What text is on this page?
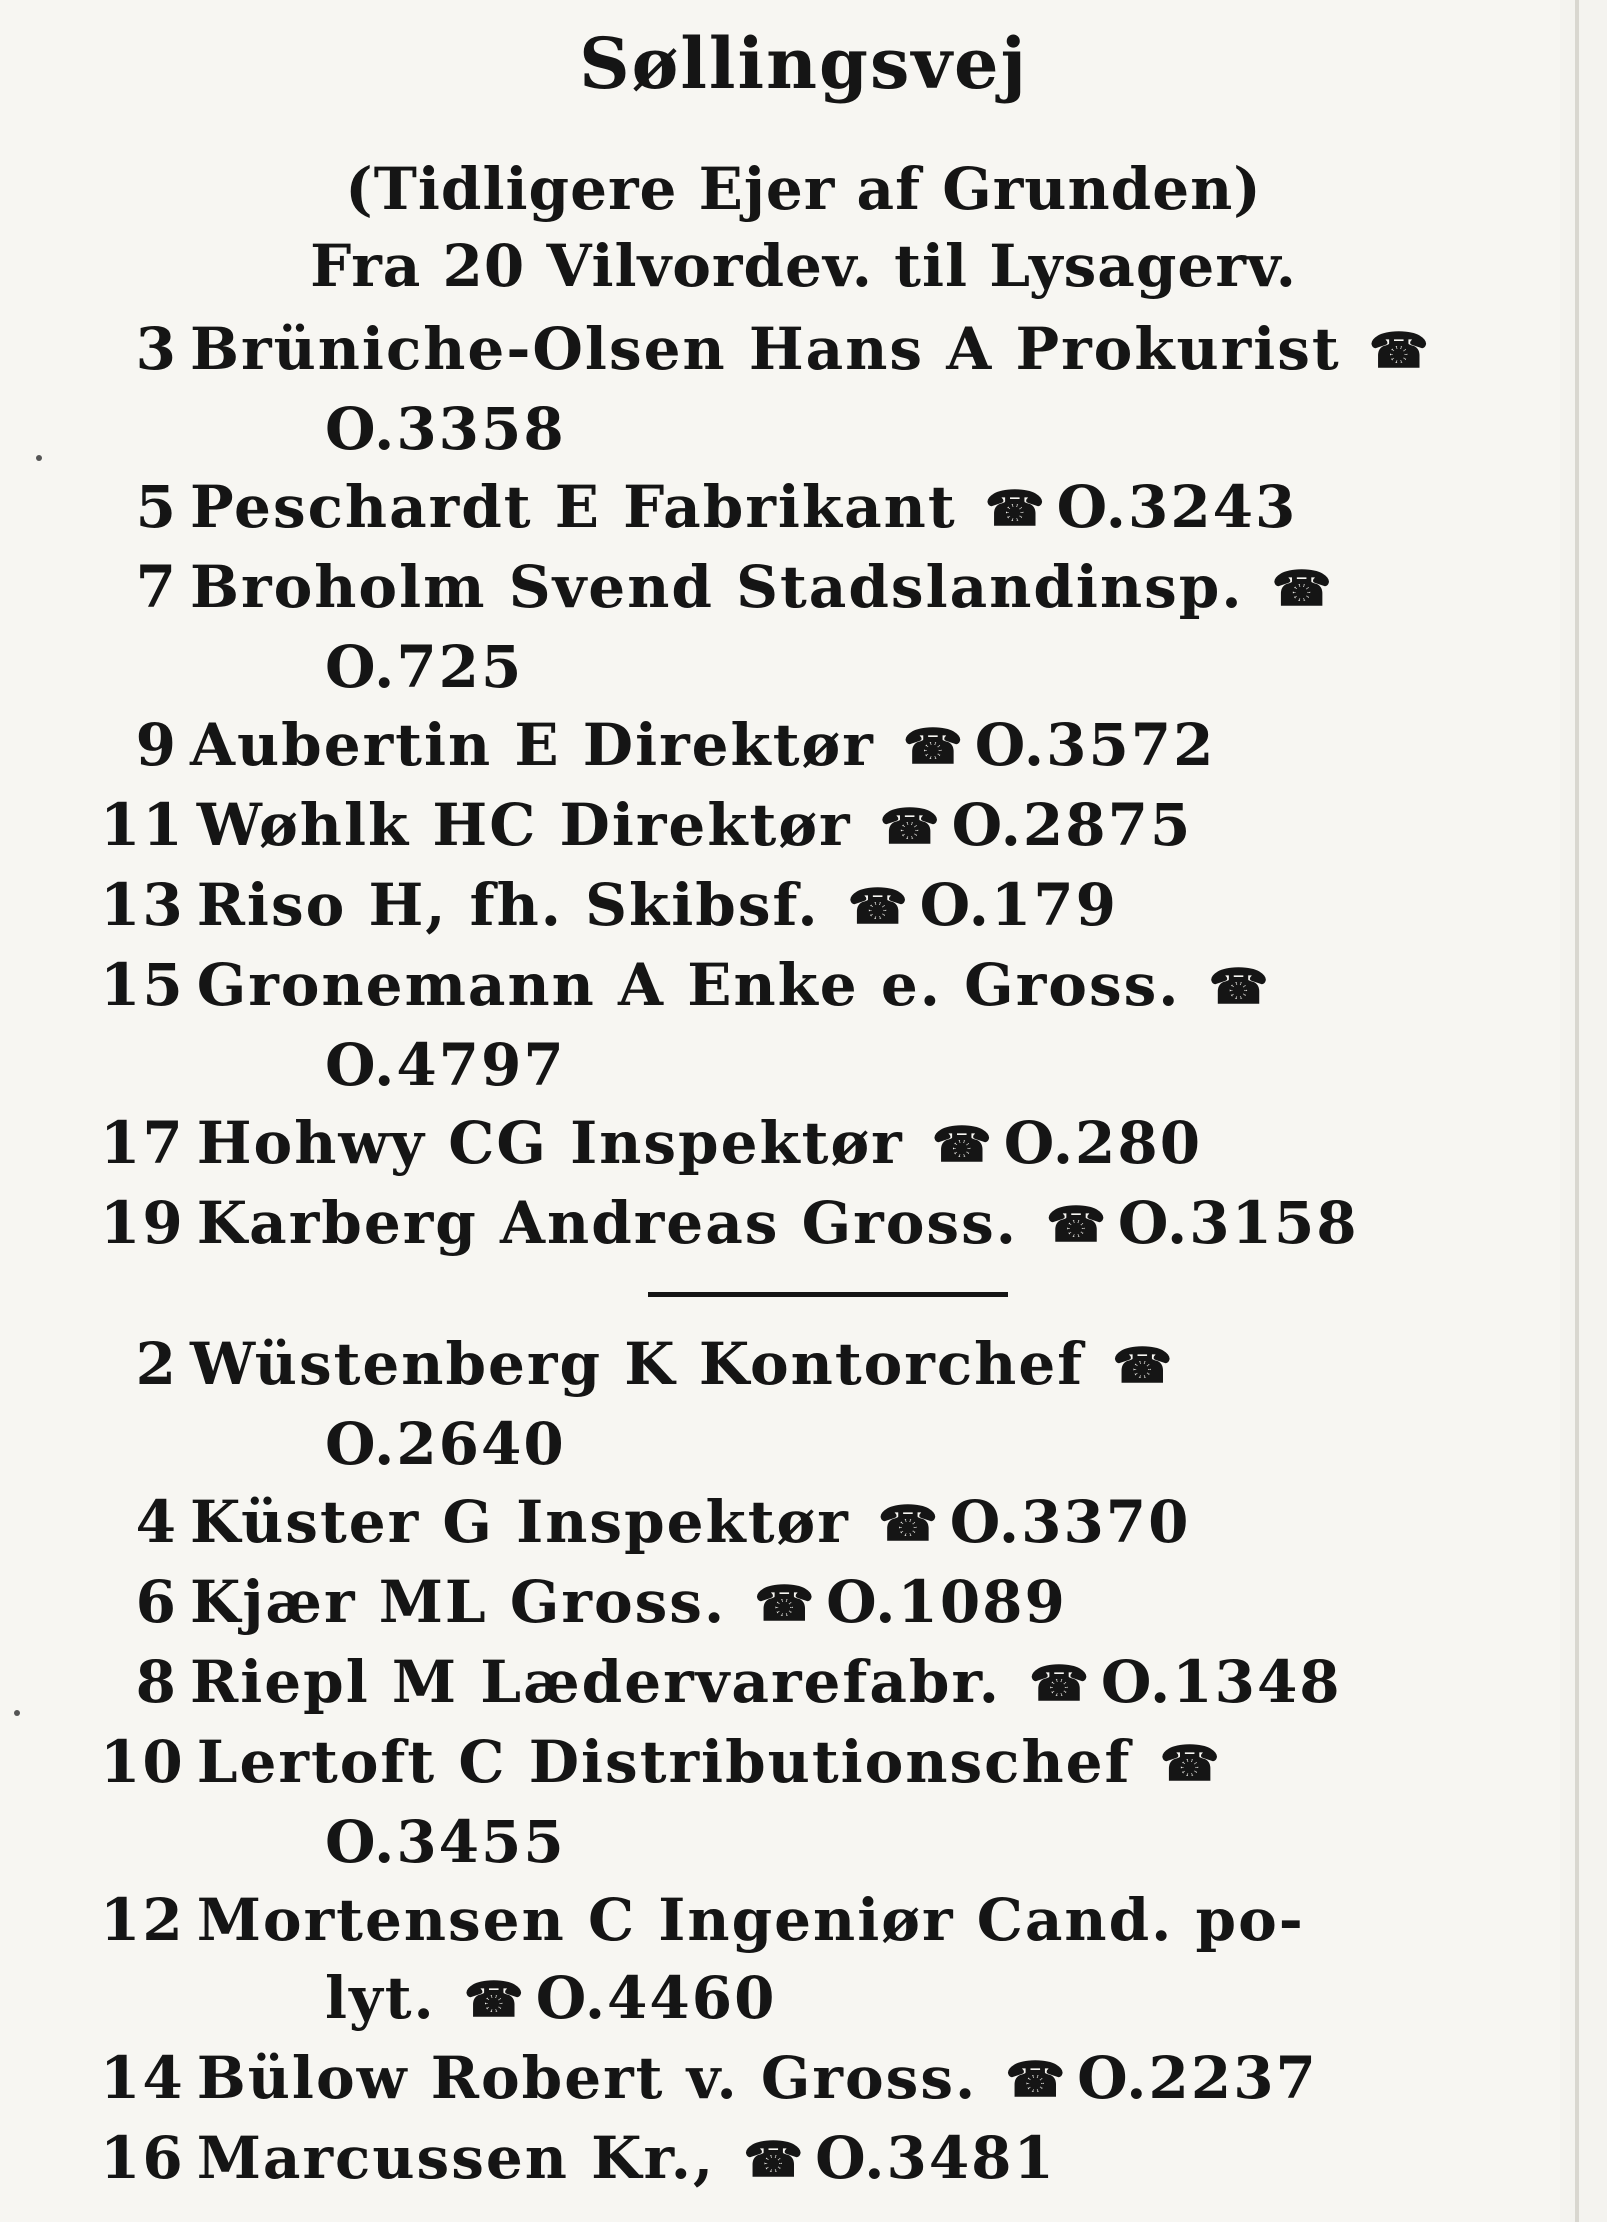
Søllingsvej
(Tidligere Ejer af Grunden)
Fra 20 Vilvordev. til Lysagerv.
3 Brüniche-Olsen Hans A Prokurist ☎
O.3358
5 Peschardt E Fabrikant ☎ O.3243
7 Broholm Svend Stadslandinsp. ☎
O.725
9 Aubertin E Direktør ☎ O.3572
11 Wøhlk HC Direktør ☎ O.2875
13 Riso H, fh. Skibsf. ☎ O.179
15 Gronemann A Enke e. Gross. ☎
O.4797
17 Hohwy CG Inspektør ☎ O.280
19 Karberg Andreas Gross. ☎ O.3158
2 Wüstenberg K Kontorchef ☎
O.2640
4 Küster G Inspektør ☎ O.3370
6 Kjær ML Gross. ☎ O.1089
8 Riepl M Lædervarefabr. ☎ O.1348
10 Lertoft C Distributionschef ☎
O.3455
12 Mortensen C Ingeniør Cand. po-
lyt. ☎ O.4460
14 Bülow Robert v. Gross. ☎ O.2237
16 Marcussen Kr., ☎ O.3481
